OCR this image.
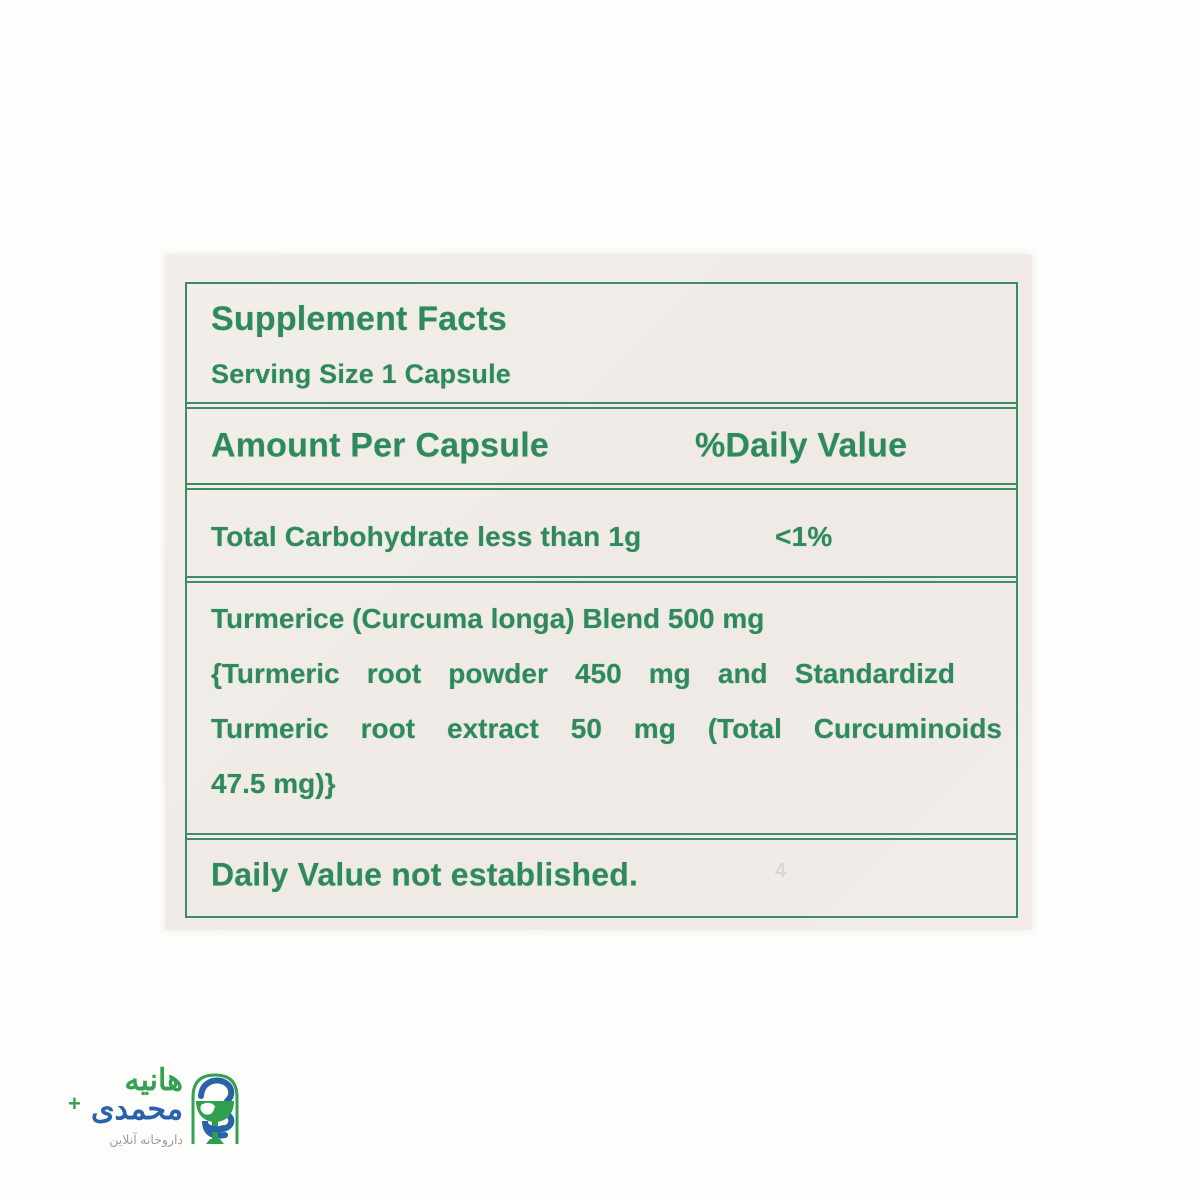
Supplement Facts
Serving Size 1 Capsule
Amount Per Capsule	%Daily Value
Total Carbohydrate less than 1g	<1%
Turmerice (Curcuma longa) Blend 500 mg
{Turmeric root powder 450 mg and Standardizd
Turmeric root extract 50 mg (Total Curcuminoids
47.5 mg)}
Daily Value not established.	4
هانیه
محمدی
داروخانه آنلاین
+
